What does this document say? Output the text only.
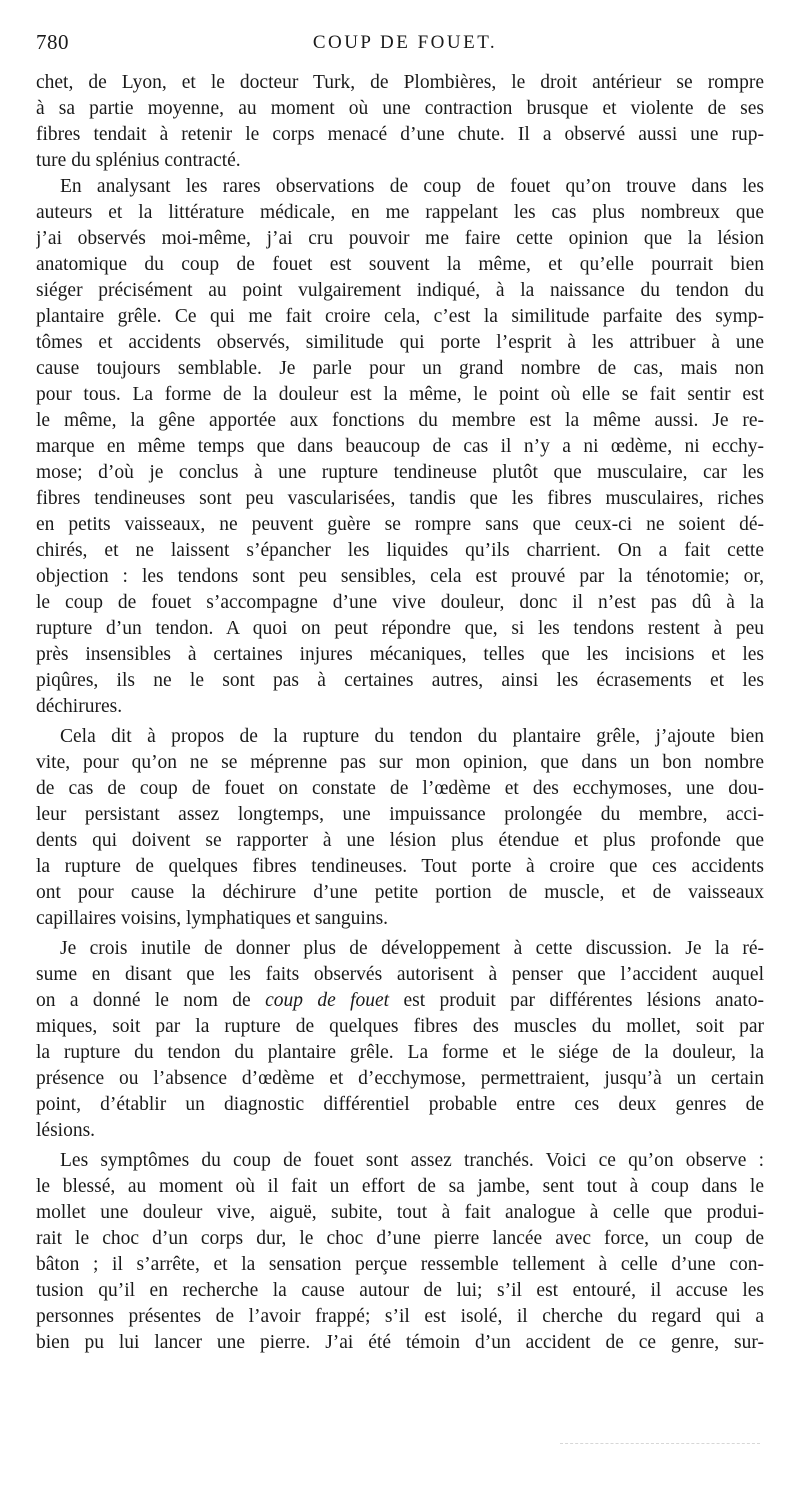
780	COUP DE FOUET.
chet, de Lyon, et le docteur Turk, de Plombières, le droit antérieur se rompre
à sa partie moyenne, au moment où une contraction brusque et violente de ses
fibres tendait à retenir le corps menacé d’une chute. Il a observé aussi une rup-
ture du splénius contracté.
En analysant les rares observations de coup de fouet qu’on trouve dans les
auteurs et la littérature médicale, en me rappelant les cas plus nombreux que
j’ai observés moi-même, j’ai cru pouvoir me faire cette opinion que la lésion
anatomique du coup de fouet est souvent la même, et qu’elle pourrait bien
siéger précisément au point vulgairement indiqué, à la naissance du tendon du
plantaire grêle. Ce qui me fait croire cela, c’est la similitude parfaite des symp-
tômes et accidents observés, similitude qui porte l’esprit à les attribuer à une
cause toujours semblable. Je parle pour un grand nombre de cas, mais non
pour tous. La forme de la douleur est la même, le point où elle se fait sentir est
le même, la gêne apportée aux fonctions du membre est la même aussi. Je re-
marque en même temps que dans beaucoup de cas il n’y a ni œdème, ni ecchy-
mose; d’où je conclus à une rupture tendineuse plutôt que musculaire, car les
fibres tendineuses sont peu vascularisées, tandis que les fibres musculaires, riches
en petits vaisseaux, ne peuvent guère se rompre sans que ceux-ci ne soient dé-
chirés, et ne laissent s’épancher les liquides qu’ils charrient. On a fait cette
objection : les tendons sont peu sensibles, cela est prouvé par la ténotomie; or,
le coup de fouet s’accompagne d’une vive douleur, donc il n’est pas dû à la
rupture d’un tendon. A quoi on peut répondre que, si les tendons restent à peu
près insensibles à certaines injures mécaniques, telles que les incisions et les
piqûres, ils ne le sont pas à certaines autres, ainsi les écrasements et les
déchirures.
Cela dit à propos de la rupture du tendon du plantaire grêle, j’ajoute bien
vite, pour qu’on ne se méprenne pas sur mon opinion, que dans un bon nombre
de cas de coup de fouet on constate de l’œdème et des ecchymoses, une dou-
leur persistant assez longtemps, une impuissance prolongée du membre, acci-
dents qui doivent se rapporter à une lésion plus étendue et plus profonde que
la rupture de quelques fibres tendineuses. Tout porte à croire que ces accidents
ont pour cause la déchirure d’une petite portion de muscle, et de vaisseaux
capillaires voisins, lymphatiques et sanguins.
Je crois inutile de donner plus de développement à cette discussion. Je la ré-
sume en disant que les faits observés autorisent à penser que l’accident auquel
on a donné le nom de coup de fouet est produit par différentes lésions anato-
miques, soit par la rupture de quelques fibres des muscles du mollet, soit par
la rupture du tendon du plantaire grêle. La forme et le siége de la douleur, la
présence ou l’absence d’œdème et d’ecchymose, permettraient, jusqu’à un certain
point, d’établir un diagnostic différentiel probable entre ces deux genres de
lésions.
Les symptômes du coup de fouet sont assez tranchés. Voici ce qu’on observe :
le blessé, au moment où il fait un effort de sa jambe, sent tout à coup dans le
mollet une douleur vive, aiguë, subite, tout à fait analogue à celle que produi-
rait le choc d’un corps dur, le choc d’une pierre lancée avec force, un coup de
bâton ; il s’arrête, et la sensation perçue ressemble tellement à celle d’une con-
tusion qu’il en recherche la cause autour de lui; s’il est entouré, il accuse les
personnes présentes de l’avoir frappé; s’il est isolé, il cherche du regard qui a
bien pu lui lancer une pierre. J’ai été témoin d’un accident de ce genre, sur-
